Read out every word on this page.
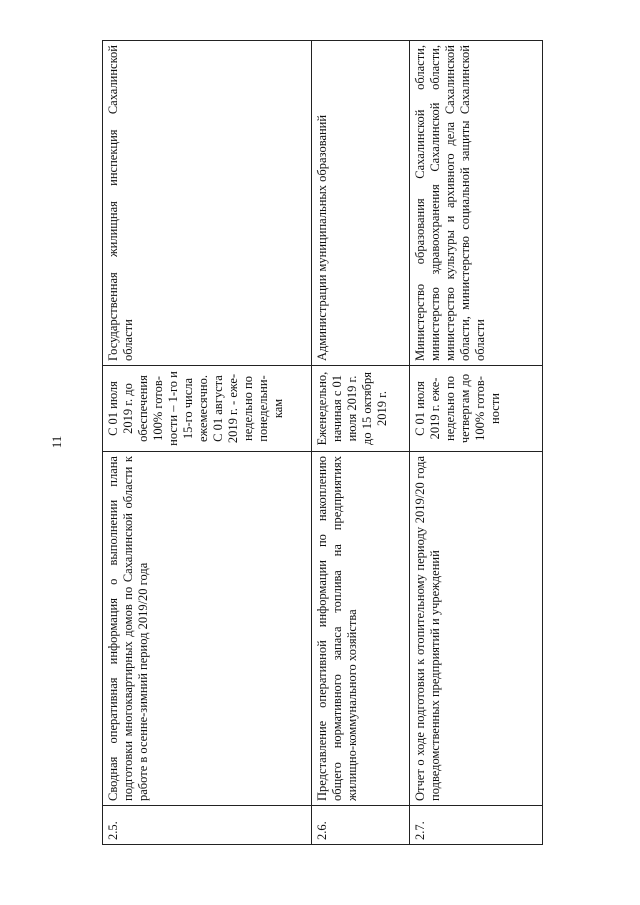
11
2.5.
Сводная оперативная информация о выполнении плана подготовки многоквартирных домов по Сахалинской области к работе в осенне-зимний период 2019/20 года
С 01 июля
2019 г. до
обеспечения
100% готов-
ности – 1-го и
15-го числа
ежемесячно.
С 01 августа
2019 г. - еже-
недельно по
понедельни-
кам
Государственная жилищная инспекция Сахалинской области
2.6.
Представление оперативной информации по накоплению общего нормативного запаса топлива на предприятиях жилищно-коммунального хозяйства
Еженедельно,
начиная с 01
июля 2019 г.
до 15 октября
2019 г.
Администрации муниципальных образований
2.7.
Отчет о ходе подготовки к отопительному периоду 2019/20 года подведомственных предприятий и учреждений
С 01 июля
2019 г. еже-
недельно по
четвергам до
100% готов-
ности
Министерство образования Сахалинской области, министерство здравоохранения Сахалинской области, министерство культуры и архивного дела Сахалинской области, министерство социальной защиты Сахалинской области
